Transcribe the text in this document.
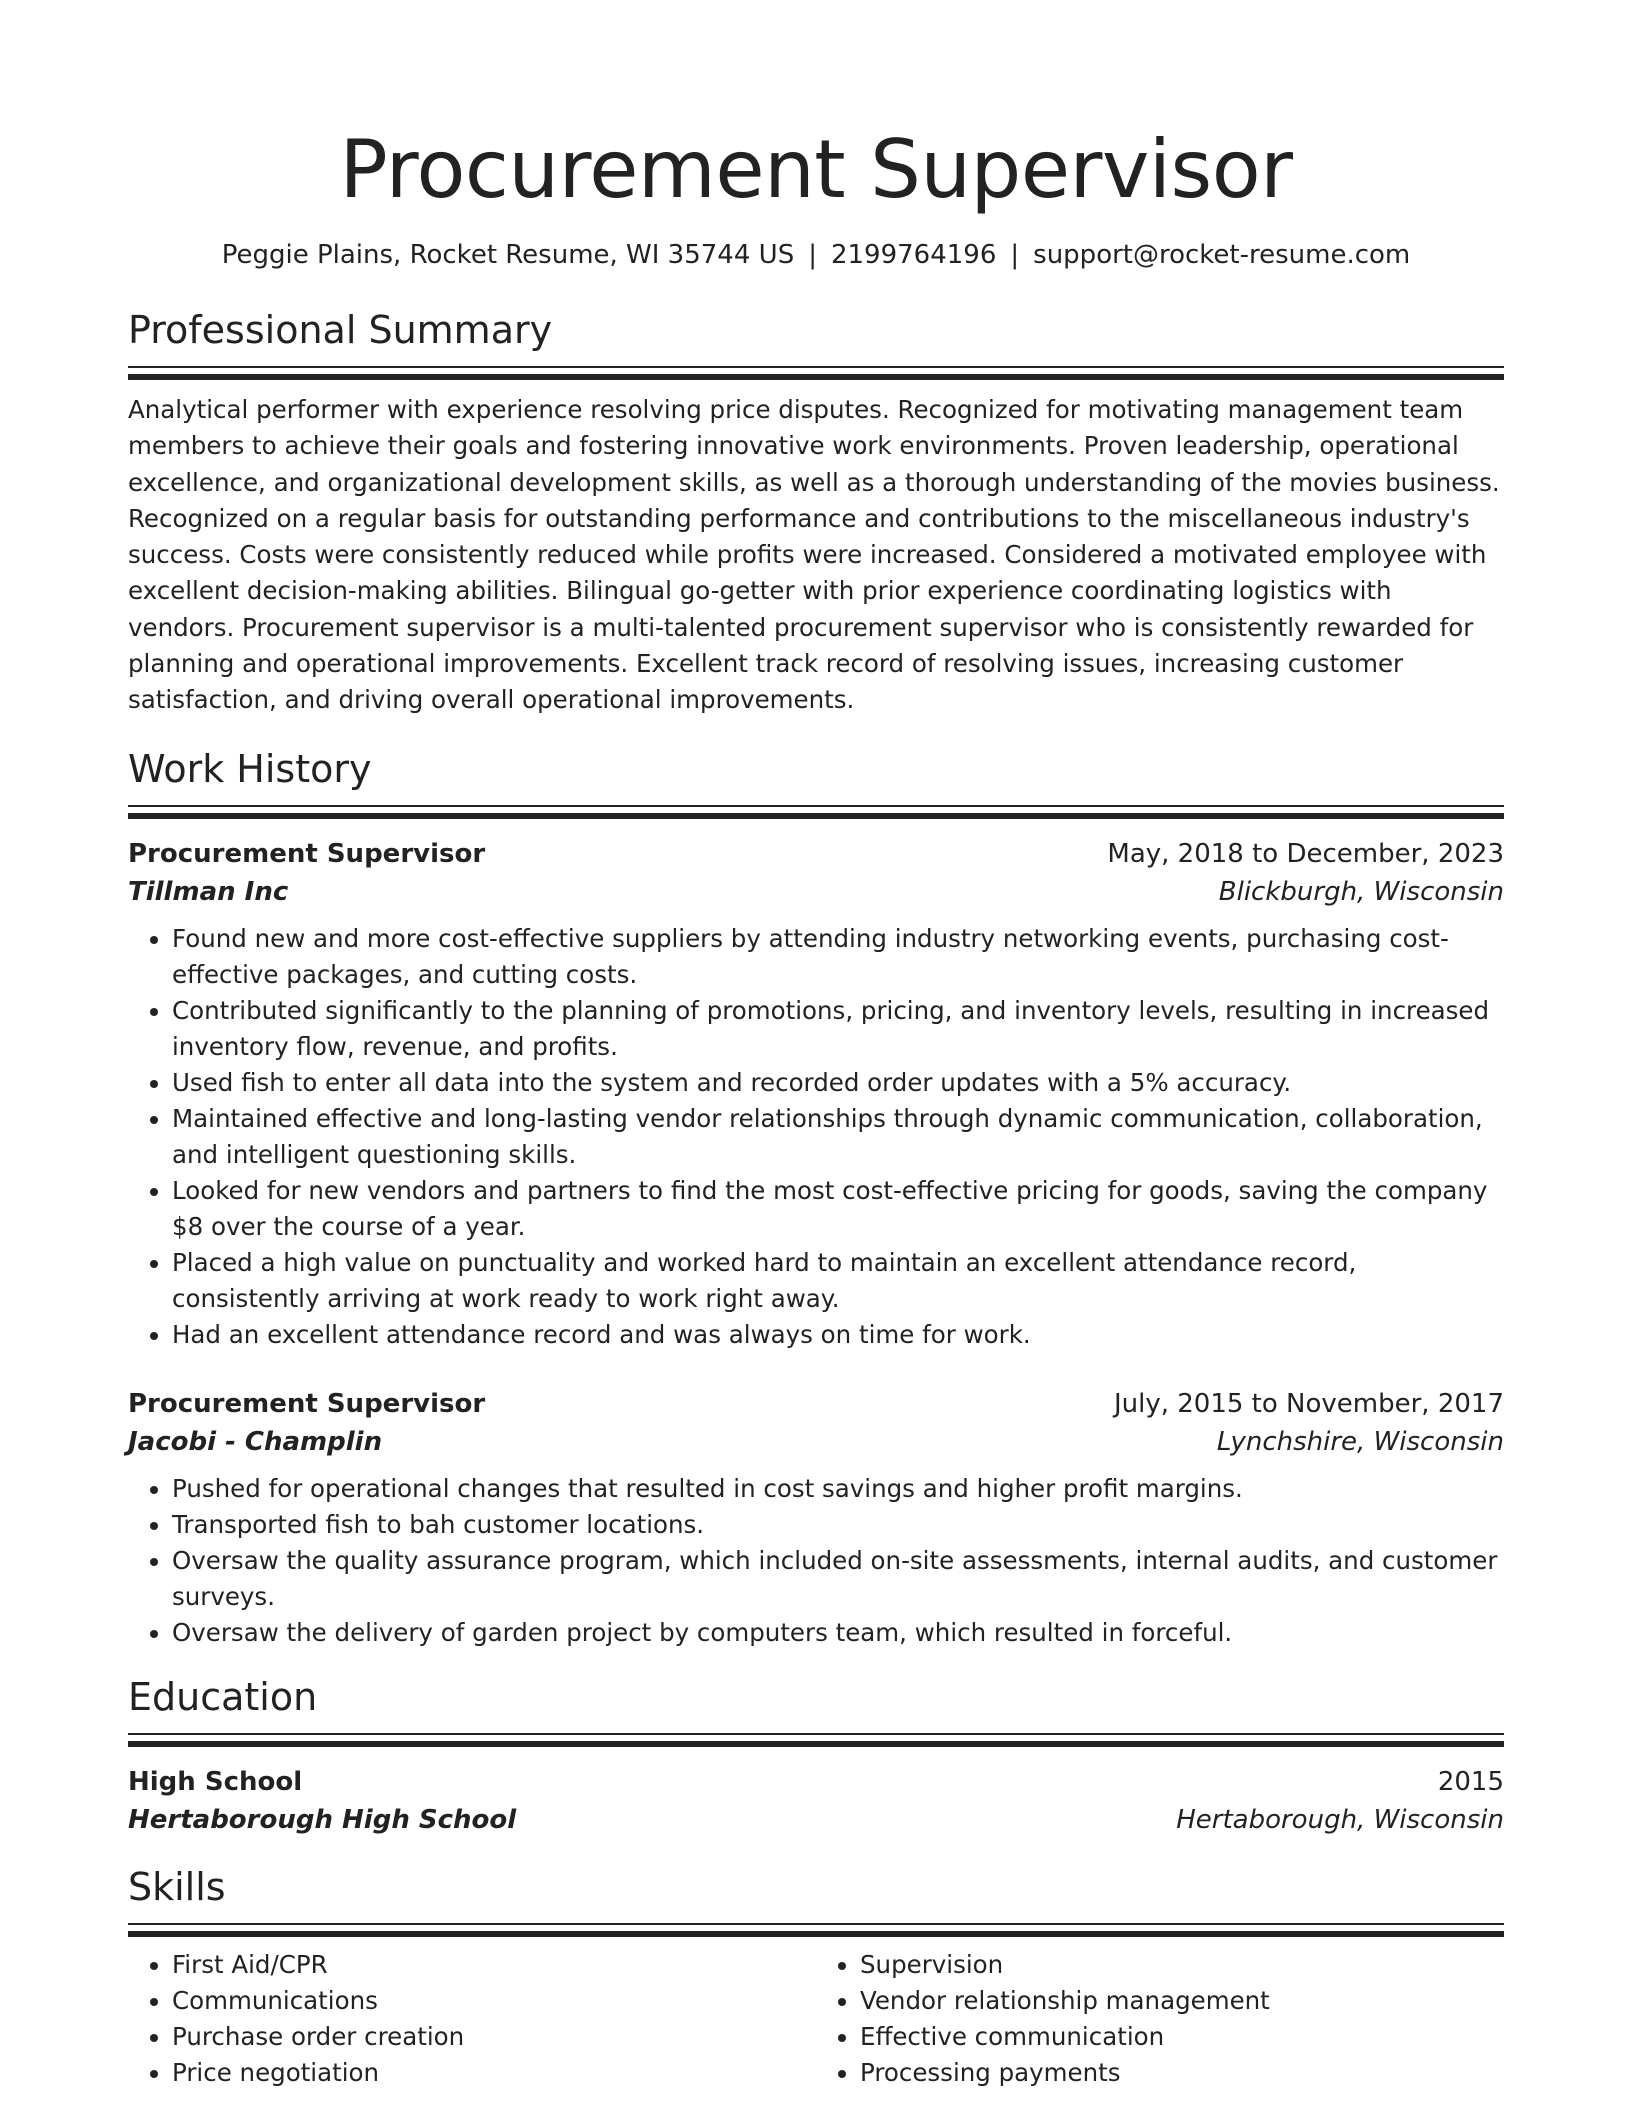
Procurement Supervisor
Peggie Plains, Rocket Resume, WI 35744 US | 2199764196 | support@rocket-resume.com
Professional Summary
Analytical performer with experience resolving price disputes. Recognized for motivating management team members to achieve their goals and fostering innovative work environments. Proven leadership, operational excellence, and organizational development skills, as well as a thorough understanding of the movies business. Recognized on a regular basis for outstanding performance and contributions to the miscellaneous industry's success. Costs were consistently reduced while profits were increased. Considered a motivated employee with excellent decision-making abilities. Bilingual go-getter with prior experience coordinating logistics with vendors. Procurement supervisor is a multi-talented procurement supervisor who is consistently rewarded for planning and operational improvements. Excellent track record of resolving issues, increasing customer satisfaction, and driving overall operational improvements.
Work History
Procurement Supervisor	May, 2018 to December, 2023
Tillman Inc	Blickburgh, Wisconsin
• Found new and more cost-effective suppliers by attending industry networking events, purchasing cost-effective packages, and cutting costs.
• Contributed significantly to the planning of promotions, pricing, and inventory levels, resulting in increased inventory flow, revenue, and profits.
• Used fish to enter all data into the system and recorded order updates with a 5% accuracy.
• Maintained effective and long-lasting vendor relationships through dynamic communication, collaboration, and intelligent questioning skills.
• Looked for new vendors and partners to find the most cost-effective pricing for goods, saving the company $8 over the course of a year.
• Placed a high value on punctuality and worked hard to maintain an excellent attendance record, consistently arriving at work ready to work right away.
• Had an excellent attendance record and was always on time for work.
Procurement Supervisor	July, 2015 to November, 2017
Jacobi - Champlin	Lynchshire, Wisconsin
• Pushed for operational changes that resulted in cost savings and higher profit margins.
• Transported fish to bah customer locations.
• Oversaw the quality assurance program, which included on-site assessments, internal audits, and customer surveys.
• Oversaw the delivery of garden project by computers team, which resulted in forceful.
Education
High School	2015
Hertaborough High School	Hertaborough, Wisconsin
Skills
• First Aid/CPR
• Communications
• Purchase order creation
• Price negotiation
• Supervision
• Vendor relationship management
• Effective communication
• Processing payments
